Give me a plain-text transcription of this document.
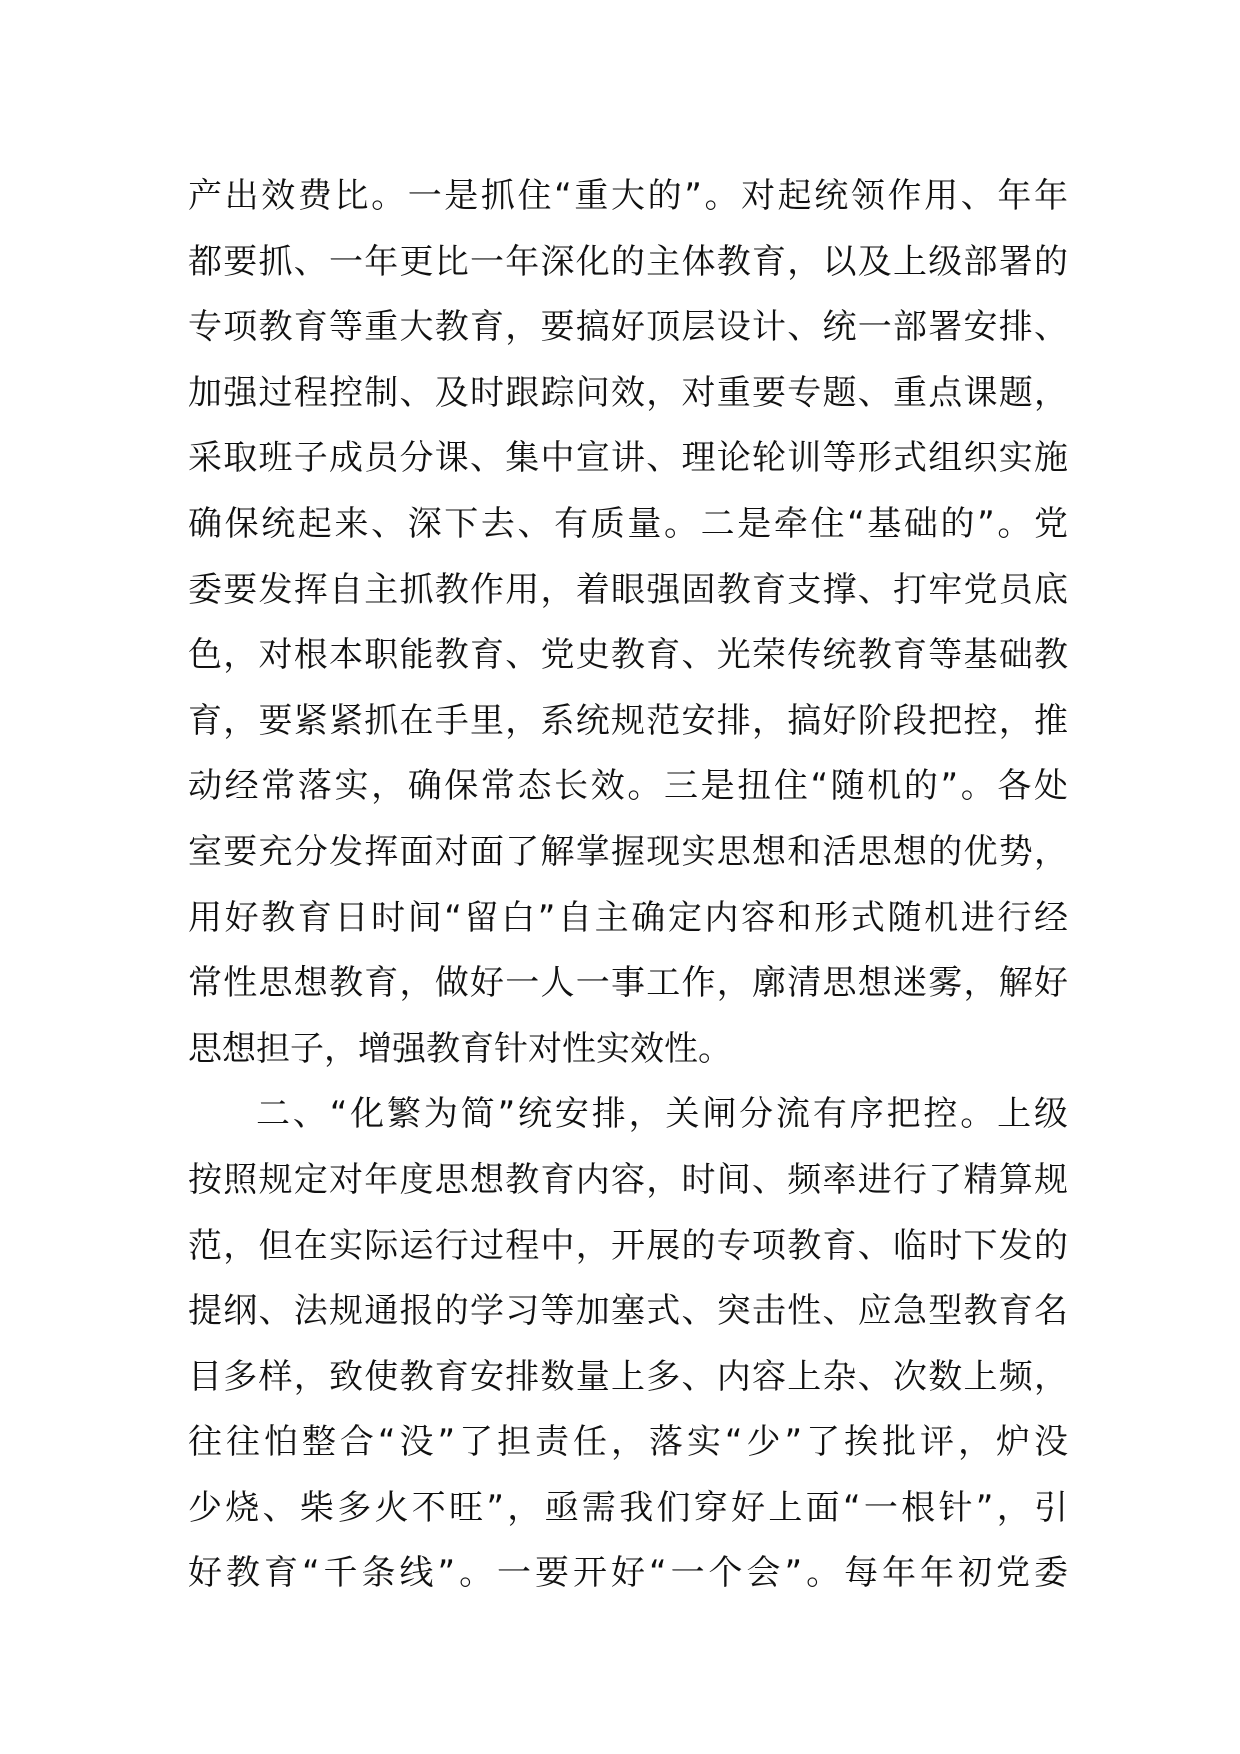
产出效费比。一是抓住“重大的”。对起统领作用、年年
都要抓、一年更比一年深化的主体教育，以及上级部署的
专项教育等重大教育，要搞好顶层设计、统一部署安排、
加强过程控制、及时跟踪问效，对重要专题、重点课题，
采取班子成员分课、集中宣讲、理论轮训等形式组织实施
确保统起来、深下去、有质量。二是牵住“基础的”。党
委要发挥自主抓教作用，着眼强固教育支撑、打牢党员底
色，对根本职能教育、党史教育、光荣传统教育等基础教
育，要紧紧抓在手里，系统规范安排，搞好阶段把控，推
动经常落实，确保常态长效。三是扭住“随机的”。各处
室要充分发挥面对面了解掌握现实思想和活思想的优势，
用好教育日时间“留白”自主确定内容和形式随机进行经
常性思想教育，做好一人一事工作，廓清思想迷雾，解好
思想担子，增强教育针对性实效性。
二、“化繁为简”统安排，关闸分流有序把控。上级
按照规定对年度思想教育内容，时间、频率进行了精算规
范，但在实际运行过程中，开展的专项教育、临时下发的
提纲、法规通报的学习等加塞式、突击性、应急型教育名
目多样，致使教育安排数量上多、内容上杂、次数上频，
往往怕整合“没”了担责任，落实“少”了挨批评，炉没
少烧、柴多火不旺”，亟需我们穿好上面“一根针”，引
好教育“千条线”。一要开好“一个会”。每年年初党委
